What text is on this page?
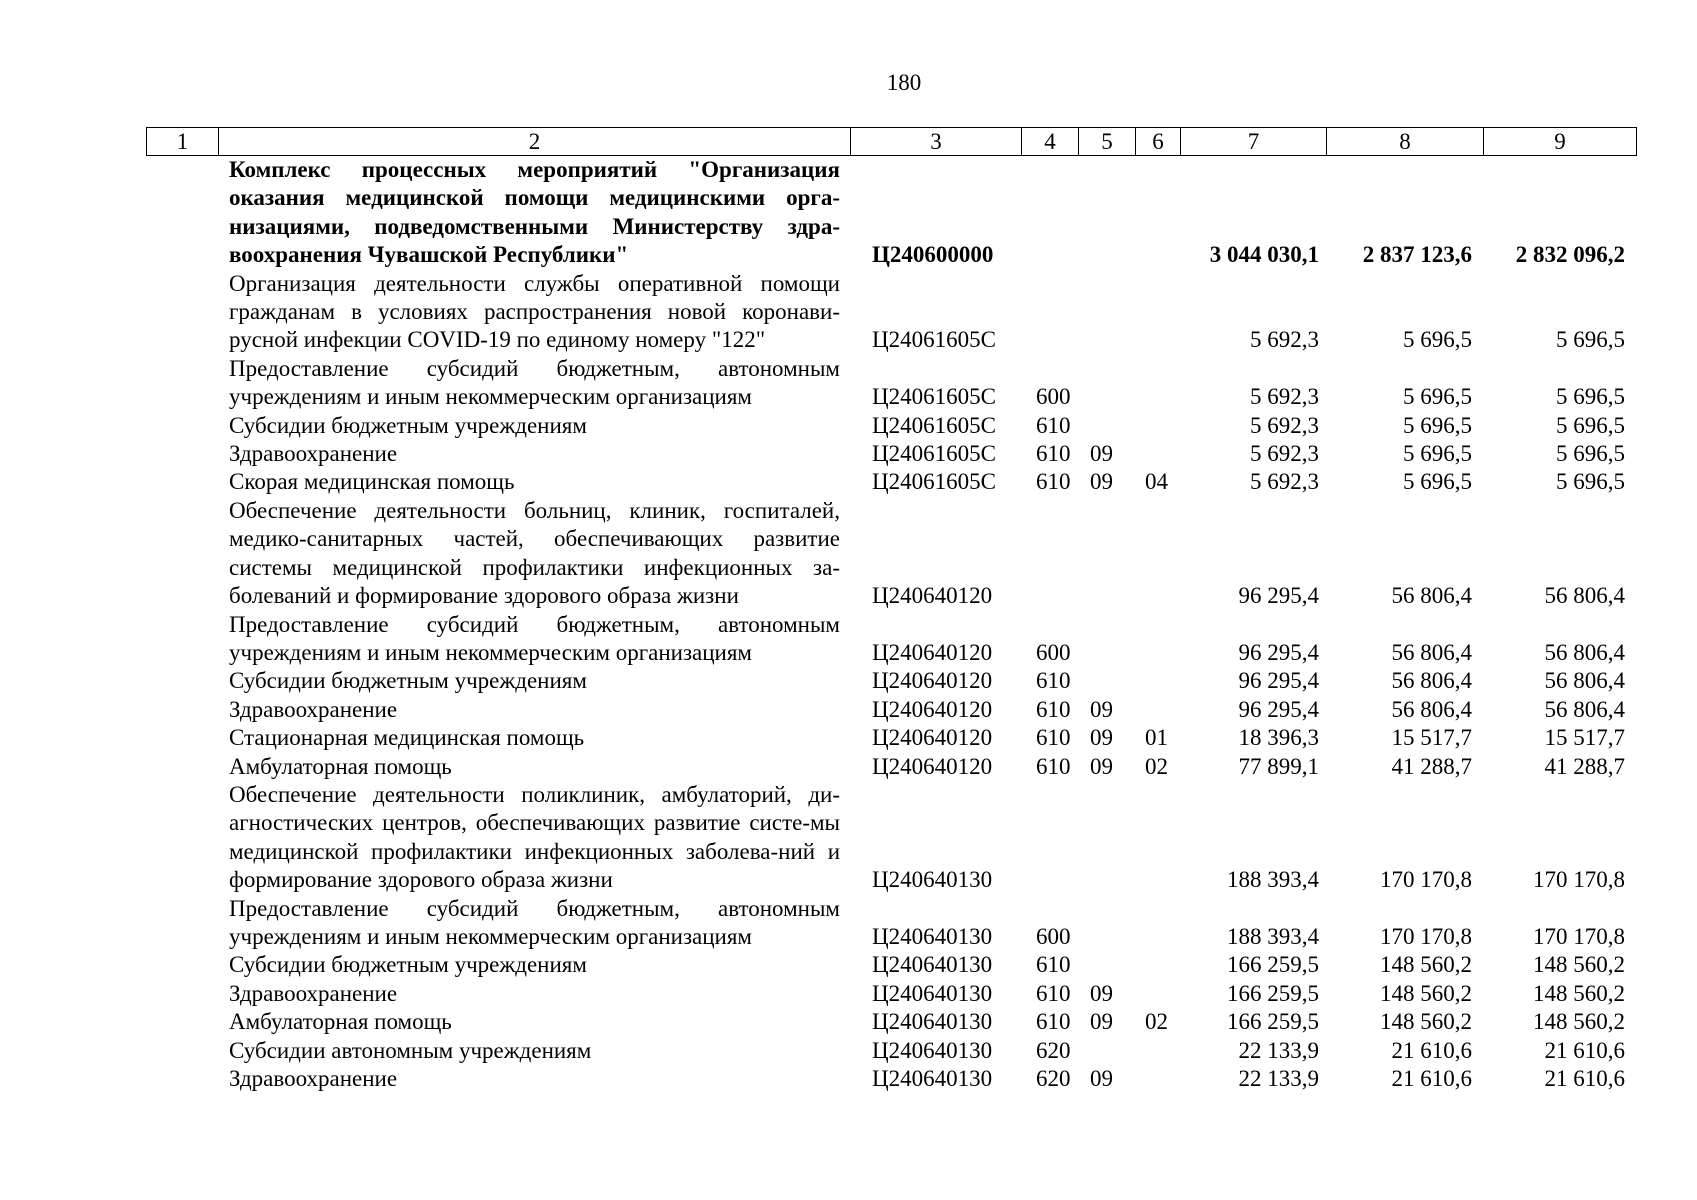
180
1	2	3	4	5	6	7	8	9
	Комплекс процессных мероприятий "Организация оказания медицинской помощи медицинскими орга-низациями, подведомственными Министерству здра-воохранения Чувашской Республики"	Ц240600000				3 044 030,1	2 837 123,6	2 832 096,2
	Организация деятельности службы оперативной помощи гражданам в условиях распространения новой коронави-русной инфекции COVID-19 по единому номеру "122"	Ц24061605С				5 692,3	5 696,5	5 696,5
	Предоставление субсидий бюджетным, автономным учреждениям и иным некоммерческим организациям	Ц24061605С	600			5 692,3	5 696,5	5 696,5
	Субсидии бюджетным учреждениям	Ц24061605С	610			5 692,3	5 696,5	5 696,5
	Здравоохранение	Ц24061605С	610	09		5 692,3	5 696,5	5 696,5
	Скорая медицинская помощь	Ц24061605С	610	09	04	5 692,3	5 696,5	5 696,5
	Обеспечение деятельности больниц, клиник, госпиталей, медико-санитарных частей, обеспечивающих развитие системы медицинской профилактики инфекционных за-болеваний и формирование здорового образа жизни	Ц240640120				96 295,4	56 806,4	56 806,4
	Предоставление субсидий бюджетным, автономным учреждениям и иным некоммерческим организациям	Ц240640120	600			96 295,4	56 806,4	56 806,4
	Субсидии бюджетным учреждениям	Ц240640120	610			96 295,4	56 806,4	56 806,4
	Здравоохранение	Ц240640120	610	09		96 295,4	56 806,4	56 806,4
	Стационарная медицинская помощь	Ц240640120	610	09	01	18 396,3	15 517,7	15 517,7
	Амбулаторная помощь	Ц240640120	610	09	02	77 899,1	41 288,7	41 288,7
	Обеспечение деятельности поликлиник, амбулаторий, ди-агностических центров, обеспечивающих развитие систе-мы медицинской профилактики инфекционных заболева-ний и формирование здорового образа жизни	Ц240640130				188 393,4	170 170,8	170 170,8
	Предоставление субсидий бюджетным, автономным учреждениям и иным некоммерческим организациям	Ц240640130	600			188 393,4	170 170,8	170 170,8
	Субсидии бюджетным учреждениям	Ц240640130	610			166 259,5	148 560,2	148 560,2
	Здравоохранение	Ц240640130	610	09		166 259,5	148 560,2	148 560,2
	Амбулаторная помощь	Ц240640130	610	09	02	166 259,5	148 560,2	148 560,2
	Субсидии автономным учреждениям	Ц240640130	620			22 133,9	21 610,6	21 610,6
	Здравоохранение	Ц240640130	620	09		22 133,9	21 610,6	21 610,6
